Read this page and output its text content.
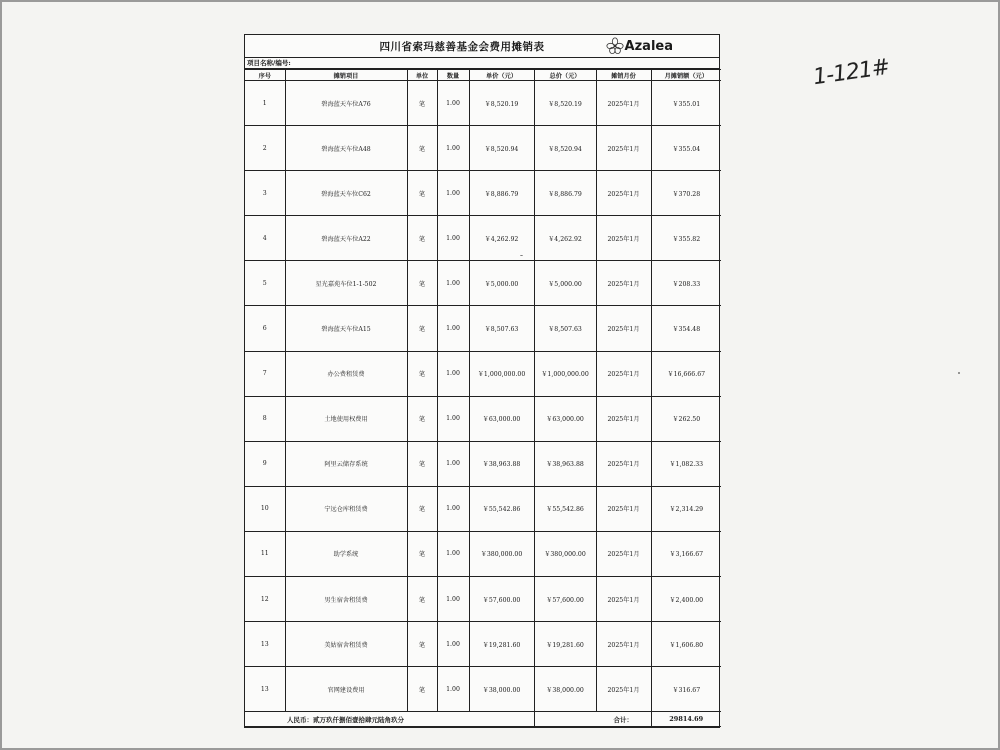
四川省索玛慈善基金会费用摊销表	Azalea
项目名称/编号:
序号	摊销项目	单位	数量	单价（元）	总价（元）	摊销月份	月摊销额（元）
1	碧海蓝天车位A76	笔	1.00	￥8,520.19	￥8,520.19	2025年1月	￥355.01
2	碧海蓝天车位A48	笔	1.00	￥8,520.94	￥8,520.94	2025年1月	￥355.04
3	碧海蓝天车位C62	笔	1.00	￥8,886.79	￥8,886.79	2025年1月	￥370.28
4	碧海蓝天车位A22	笔	1.00	￥4,262.92	￥4,262.92	2025年1月	￥355.82
5	星光嘉苑车位1-1-502	笔	1.00	￥5,000.00	￥5,000.00	2025年1月	￥208.33
6	碧海蓝天车位A15	笔	1.00	￥8,507.63	￥8,507.63	2025年1月	￥354.48
7	办公费租赁费	笔	1.00	￥1,000,000.00	￥1,000,000.00	2025年1月	￥16,666.67
8	土地使用权费用	笔	1.00	￥63,000.00	￥63,000.00	2025年1月	￥262.50
9	阿里云储存系统	笔	1.00	￥38,963.88	￥38,963.88	2025年1月	￥1,082.33
10	宁远仓库租赁费	笔	1.00	￥55,542.86	￥55,542.86	2025年1月	￥2,314.29
11	助学系统	笔	1.00	￥380,000.00	￥380,000.00	2025年1月	￥3,166.67
12	男生宿舍租赁费	笔	1.00	￥57,600.00	￥57,600.00	2025年1月	￥2,400.00
13	美姑宿舍租赁费	笔	1.00	￥19,281.60	￥19,281.60	2025年1月	￥1,606.80
13	官网建设费用	笔	1.00	￥38,000.00	￥38,000.00	2025年1月	￥316.67
人民币：贰万玖仟捌佰壹拾肆元陆角玖分						合计：	29814.69
1-121#
